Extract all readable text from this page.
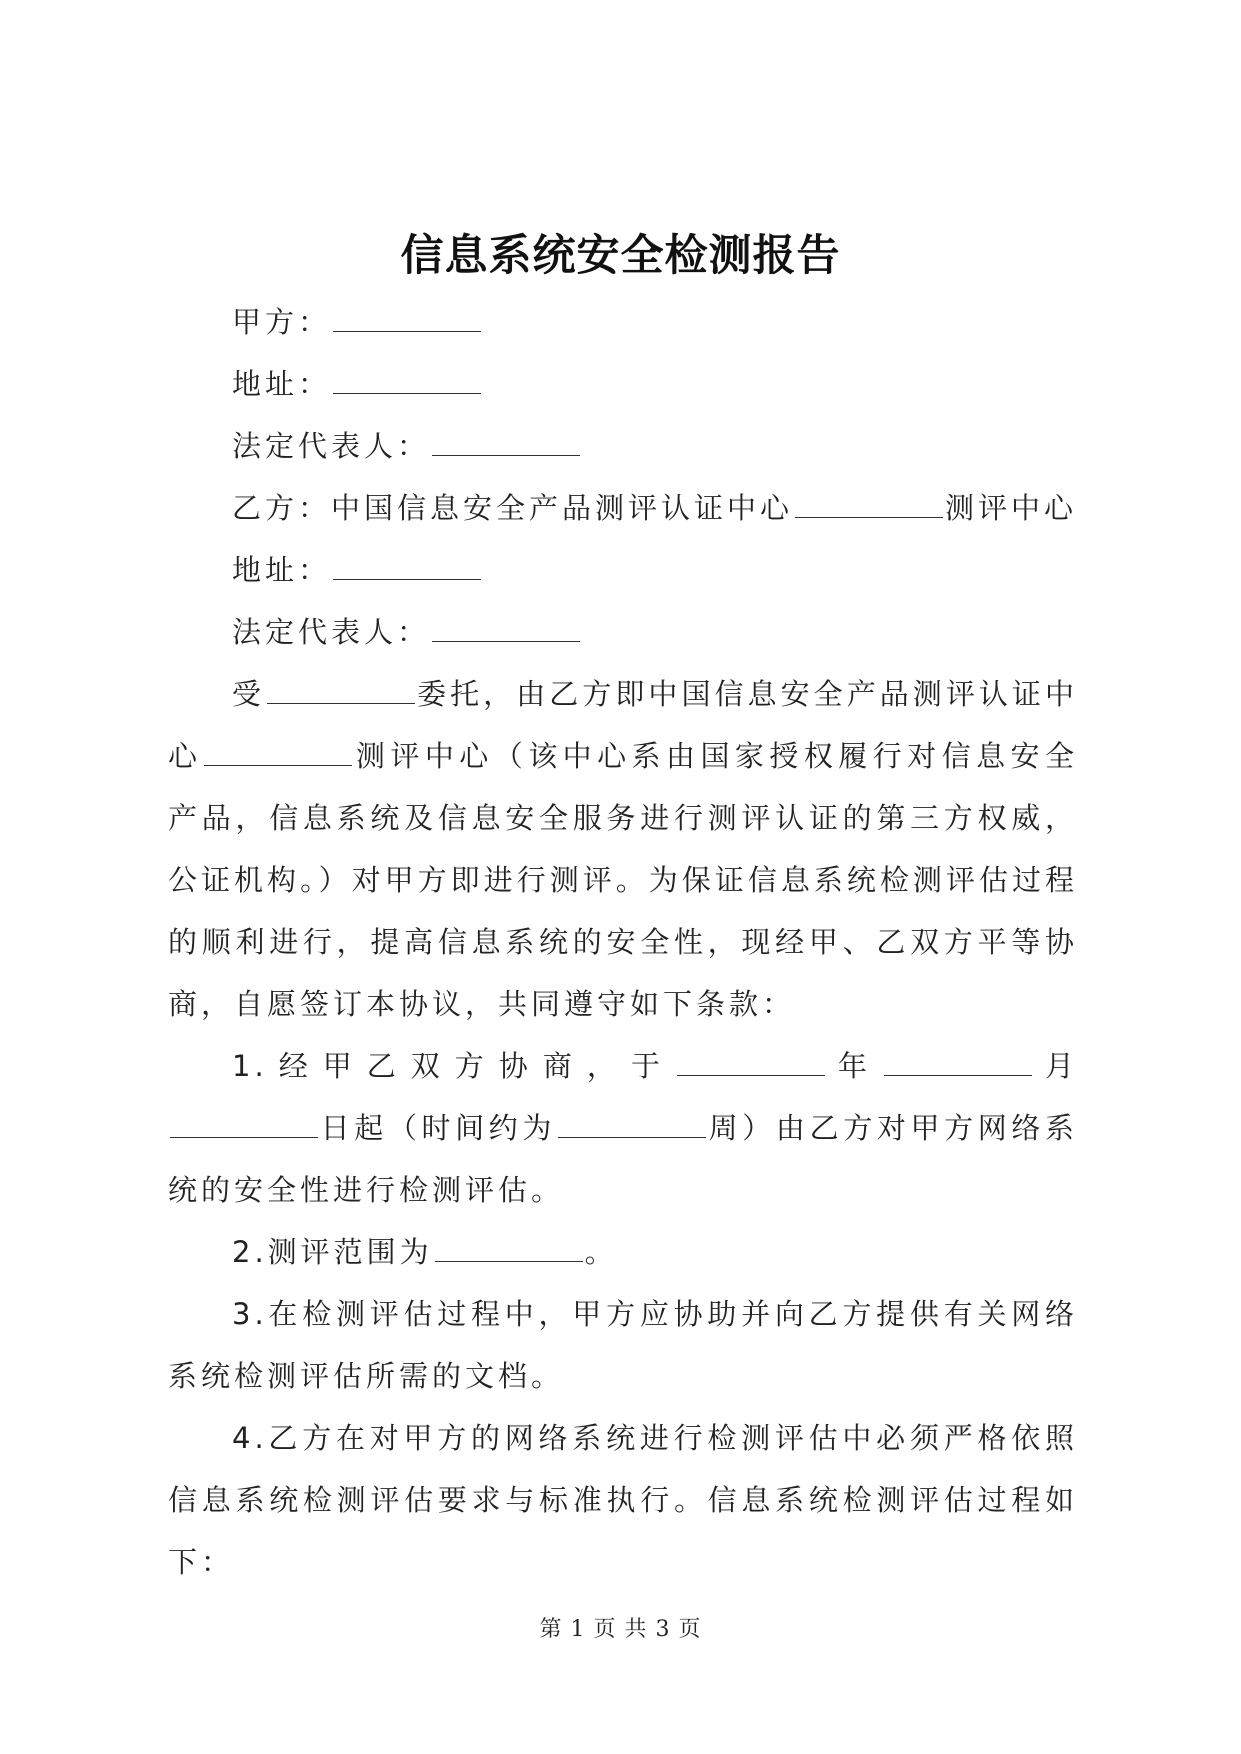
信息系统安全检测报告
甲方：
地址：
法定代表人：
乙方：中国信息安全产品测评认证中心	测评中心
地址：
法定代表人：
受	委托，由乙方即中国信息安全产品测评认证中心	测评中心（该中心系由国家授权履行对信息安全产品，信息系统及信息安全服务进行测评认证的第三方权威，公证机构。）对甲方即进行测评。为保证信息系统检测评估过程的顺利进行，提高信息系统的安全性，现经甲、乙双方平等协商，自愿签订本协议，共同遵守如下条款：
1.经甲乙双方协商，于	年	月日起（时间约为	周）由乙方对甲方网络系统的安全性进行检测评估。
2.测评范围为	。
3.在检测评估过程中，甲方应协助并向乙方提供有关网络系统检测评估所需的文档。
4.乙方在对甲方的网络系统进行检测评估中必须严格依照信息系统检测评估要求与标准执行。信息系统检测评估过程如下：
第 1 页 共 3 页
